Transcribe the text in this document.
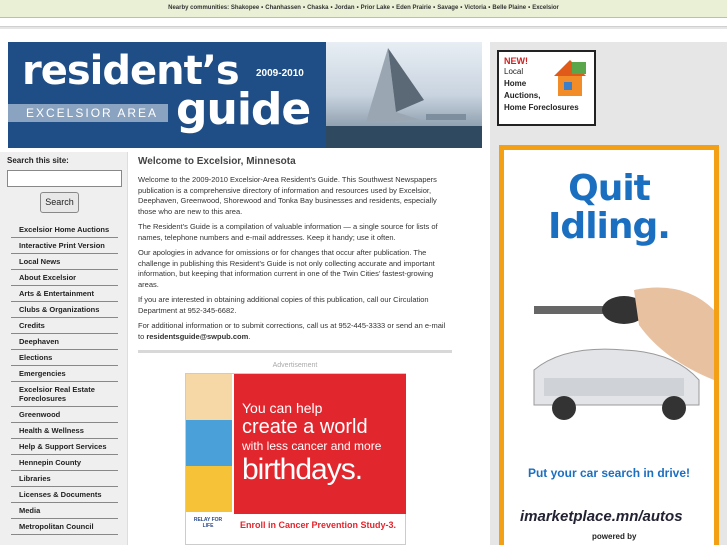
Nearby communities: Shakopee • Chanhassen • Chaska • Jordan • Prior Lake • Eden Prairie • Savage • Victoria • Belle Plaine • Excelsior
resident’s 2009-2010
EXCELSIOR AREA guide
NEW!
Local
Home
Auctions,
Home Foreclosures
Search this site:
Search
Excelsior Home Auctions
Interactive Print Version
Local News
About Excelsior
Arts & Entertainment
Clubs & Organizations
Credits
Deephaven
Elections
Emergencies
Excelsior Real Estate Foreclosures
Greenwood
Health & Wellness
Help & Support Services
Hennepin County
Libraries
Licenses & Documents
Media
Metropolitan Council
Welcome to Excelsior, Minnesota

Welcome to the 2009-2010 Excelsior-Area Resident’s Guide. This Southwest Newspapers publication is a comprehensive directory of information and resources used by Excelsior, Deephaven, Greenwood, Shorewood and Tonka Bay businesses and residents, especially those who are new to this area.

The Resident’s Guide is a compilation of valuable information — a single source for lists of names, telephone numbers and e-mail addresses. Keep it handy; use it often.

Our apologies in advance for omissions or for changes that occur after publication. The challenge in publishing this Resident’s Guide is not only collecting accurate and important information, but keeping that information current in one of the Twin Cities’ fastest-growing areas.

If you are interested in obtaining additional copies of this publication, call our Circulation Department at 952-345-6682.

For additional information or to submit corrections, call us at 952-445-3333 or send an e-mail to residentsguide@swpub.com.

Advertisement
You can help
create a world
with less cancer and more
birthdays.
RELAY FOR LIFE	Enroll in Cancer Prevention Study-3.
Quit
Idling.
Put your car search in drive!
imarketplace.mn/autos
powered by
